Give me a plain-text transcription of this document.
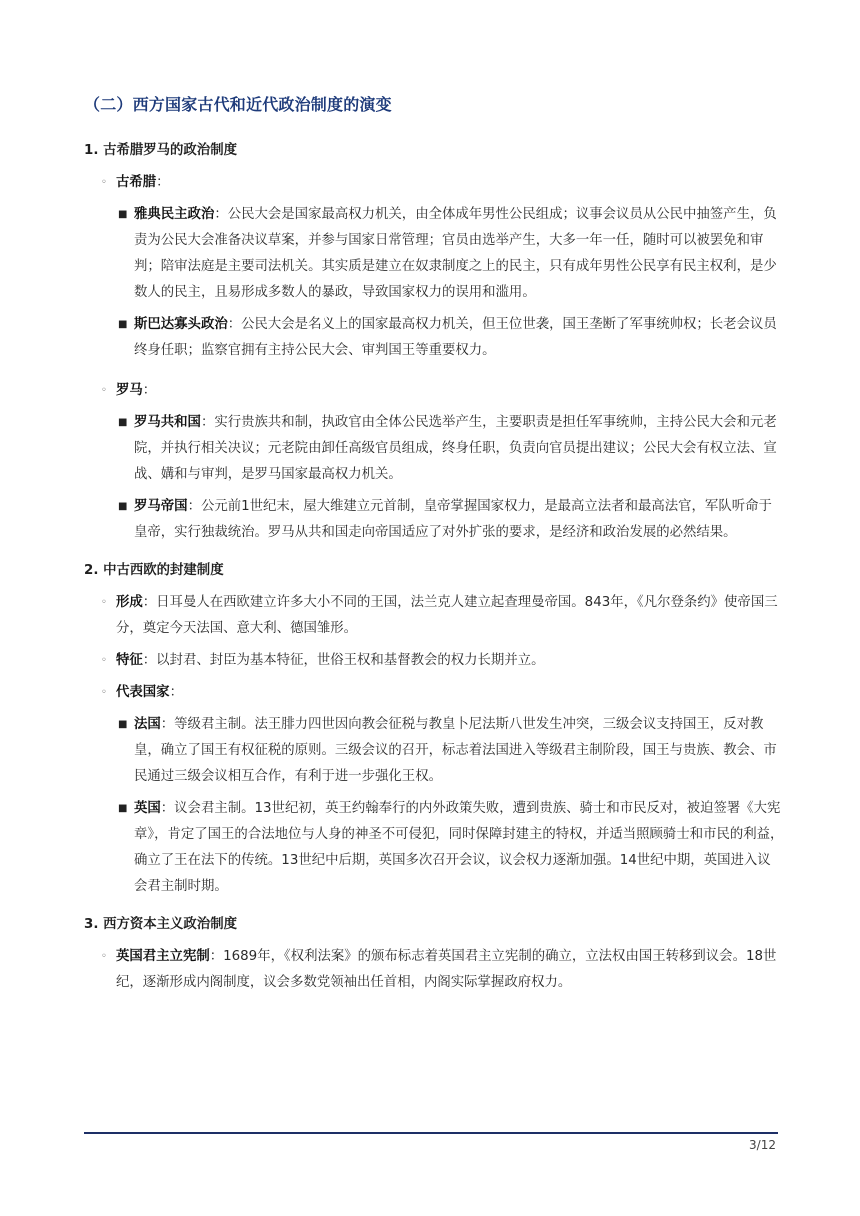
（二）西方国家古代和近代政治制度的演变

1. 古希腊罗马的政治制度

◦ 古希腊：

■ 雅典民主政治：公民大会是国家最高权力机关，由全体成年男性公民组成；议事会议员从公民中抽签产生，负责为公民大会准备决议草案，并参与国家日常管理；官员由选举产生，大多一年一任，随时可以被罢免和审判；陪审法庭是主要司法机关。其实质是建立在奴隶制度之上的民主，只有成年男性公民享有民主权利，是少数人的民主，且易形成多数人的暴政，导致国家权力的误用和滥用。

■ 斯巴达寡头政治：公民大会是名义上的国家最高权力机关，但王位世袭，国王垄断了军事统帅权；长老会议员终身任职；监察官拥有主持公民大会、审判国王等重要权力。

◦ 罗马：

■ 罗马共和国：实行贵族共和制，执政官由全体公民选举产生，主要职责是担任军事统帅，主持公民大会和元老院，并执行相关决议；元老院由卸任高级官员组成，终身任职，负责向官员提出建议；公民大会有权立法、宣战、媾和与审判，是罗马国家最高权力机关。

■ 罗马帝国：公元前1世纪末，屋大维建立元首制，皇帝掌握国家权力，是最高立法者和最高法官，军队听命于皇帝，实行独裁统治。罗马从共和国走向帝国适应了对外扩张的要求，是经济和政治发展的必然结果。

2. 中古西欧的封建制度

◦ 形成：日耳曼人在西欧建立许多大小不同的王国，法兰克人建立起查理曼帝国。843年，《凡尔登条约》使帝国三分，奠定今天法国、意大利、德国雏形。

◦ 特征：以封君、封臣为基本特征，世俗王权和基督教会的权力长期并立。

◦ 代表国家：

■ 法国：等级君主制。法王腓力四世因向教会征税与教皇卜尼法斯八世发生冲突，三级会议支持国王，反对教皇，确立了国王有权征税的原则。三级会议的召开，标志着法国进入等级君主制阶段，国王与贵族、教会、市民通过三级会议相互合作，有利于进一步强化王权。

■ 英国：议会君主制。13世纪初，英王约翰奉行的内外政策失败，遭到贵族、骑士和市民反对，被迫签署《大宪章》，肯定了国王的合法地位与人身的神圣不可侵犯，同时保障封建主的特权，并适当照顾骑士和市民的利益，确立了王在法下的传统。13世纪中后期，英国多次召开会议，议会权力逐渐加强。14世纪中期，英国进入议会君主制时期。

3. 西方资本主义政治制度

◦ 英国君主立宪制：1689年，《权利法案》的颁布标志着英国君主立宪制的确立，立法权由国王转移到议会。18世纪，逐渐形成内阁制度，议会多数党领袖出任首相，内阁实际掌握政府权力。

3/12
